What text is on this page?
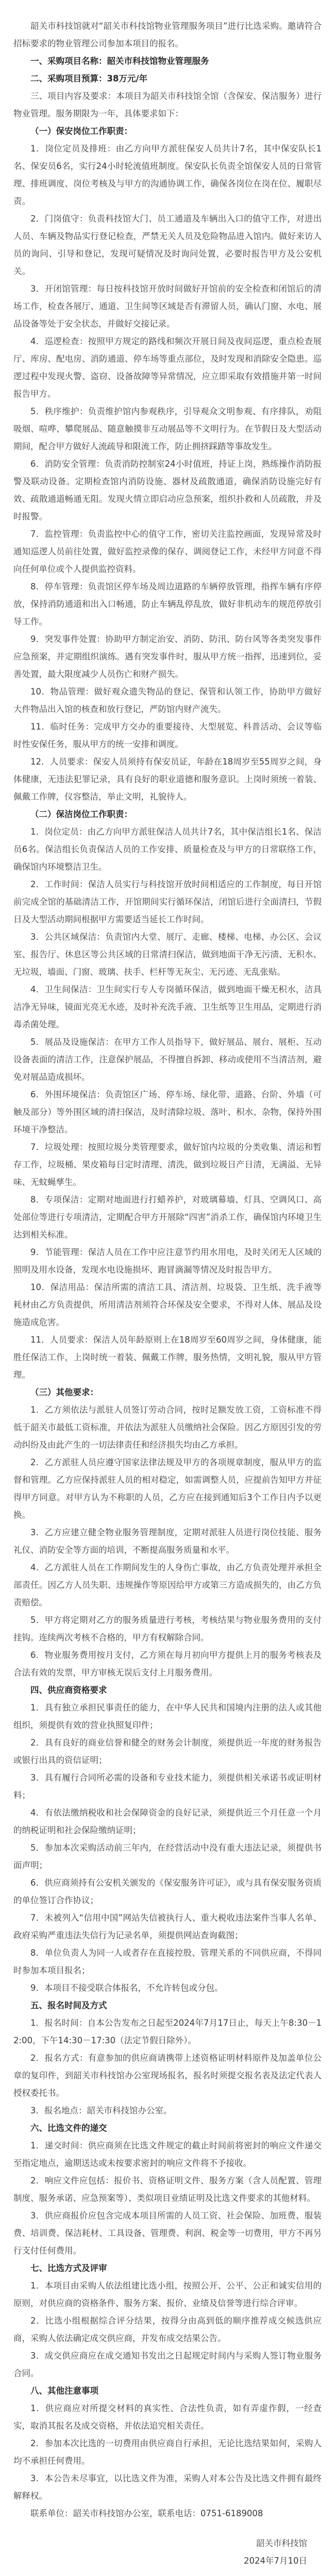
韶关市科技馆就对“韶关市科技馆物业管理服务项目”进行比选采购。邀请符合招标要求的物业管理公司参加本项目的报名。

一、采购项目名称：韶关市科技馆物业管理服务

二、采购项目预算：38万元/年

三、项目内容及要求：本项目为韶关市科技馆全馆（含保安、保洁服务）进行物业管理。服务期限为一年，具体要求如下：

（一）保安岗位工作职责：

1．岗位定员及排班：由乙方向甲方派驻保安人员共计7名，其中保安队长1名、保安员6名，实行24小时轮流值班制度。保安队长负责全馆保安人员的日常管理、排班调度、岗位考核及与甲方的沟通协调工作，确保各岗位在岗在位、履职尽责。

2．门岗值守：负责科技馆大门、员工通道及车辆出入口的值守工作，对进出人员、车辆及物品实行登记检查，严禁无关人员及危险物品进入馆内。做好来访人员的询问、引导和登记，发现可疑情况及时询问处置，必要时报告甲方及公安机关。

3．开闭馆管理：每日按科技馆开放时间做好开馆前的安全检查和闭馆后的清场工作，检查各展厅、通道、卫生间等区域是否有滞留人员，确认门窗、水电、展品设备等处于安全状态，并做好交接记录。

4．巡逻检查：按照甲方规定的路线和频次开展日间及夜间巡逻，重点检查展厅、库房、配电房、消防通道、停车场等重点部位，及时发现和消除安全隐患。巡逻过程中发现火警、盗窃、设备故障等异常情况，应立即采取有效措施并第一时间报告甲方。

5．秩序维护：负责维护馆内参观秩序，引导观众文明参观、有序排队，劝阻吸烟、喧哗、攀爬展品、随意触摸非互动展品等不文明行为。在节假日及大型活动期间，配合甲方做好人流疏导和限流工作，防止拥挤踩踏等事故发生。

6．消防安全管理：负责消防控制室24小时值班，持证上岗，熟练操作消防报警及联动设备。定期检查馆内消防设施、器材及疏散通道，确保消防设施完好有效、疏散通道畅通无阻。发现火情立即启动应急预案，组织扑救和人员疏散，并及时报警。

7．监控管理：负责监控中心的值守工作，密切关注监控画面，发现异常及时通知巡逻人员前往处置，做好监控录像的保存、调阅登记工作，未经甲方同意不得向任何单位或个人提供监控资料。

8．停车管理：负责馆区停车场及周边道路的车辆停放管理，指挥车辆有序停放，保持消防通道和出入口畅通，防止车辆乱停乱放，做好非机动车的规范停放引导工作。

9．突发事件处置：协助甲方制定治安、消防、防汛、防台风等各类突发事件应急预案，并定期组织演练。遇有突发事件时，服从甲方统一指挥，迅速到位，妥善处置，最大限度减少人员伤亡和财产损失。

10．物品管理：做好观众遗失物品的登记、保管和认领工作，协助甲方做好大件物品出入馆的核查和放行登记，严防馆内财产流失。

11．临时任务：完成甲方交办的重要接待、大型展览、科普活动、会议等临时性安保任务，服从甲方的统一安排和调度。

12．人员要求：保安人员须持有保安员证，年龄在18周岁至55周岁之间，身体健康，无违法犯罪记录，具有良好的职业道德和服务意识。上岗时须统一着装、佩戴工作牌，仪容整洁，举止文明，礼貌待人。

（二）保洁岗位工作职责：

1．岗位定员：由乙方向甲方派驻保洁人员共计7名，其中保洁组长1名、保洁员6名。保洁组长负责保洁人员的工作安排、质量检查及与甲方的日常联络工作，确保馆内环境整洁卫生。

2．工作时间：保洁人员实行与科技馆开放时间相适应的工作制度，每日开馆前完成全馆的基础清洁工作，开馆期间实行循环保洁，闭馆后进行全面清扫，节假日及大型活动期间根据甲方需要适当延长工作时间。

3．公共区域保洁：负责馆内大堂、展厅、走廊、楼梯、电梯、办公区、会议室、报告厅、休息区等公共区域的日常清扫保洁，做到地面干净无污渍、无积水、无垃圾，墙面、门窗、玻璃、扶手、栏杆等无灰尘、无污迹、无乱张贴。

4．卫生间保洁：卫生间实行专人专岗循环保洁，做到地面干燥无积水，洁具洁净无异味，镜面光亮无水迹，及时补充洗手液、卫生纸等卫生用品，定期进行消毒杀菌处理。

5．展品及设施保洁：在甲方工作人员指导下，做好展品、展台、展柜、互动设备表面的清洁工作，注意保护展品，不得擅自拆卸、移动或使用不当清洁剂，避免对展品造成损坏。

6．外围环境保洁：负责馆区广场、停车场、绿化带、道路、台阶、外墙（可触及部分）等外围区域的清扫保洁，及时清除垃圾、落叶、积水、杂物，保持外围环境干净整洁。

7．垃圾处理：按照垃圾分类管理要求，做好馆内垃圾的分类收集、清运和暂存工作，垃圾桶、果皮箱每日定时清理、清洗，做到垃圾日产日清，无满溢、无异味、无蚊蝇孳生。

8．专项保洁：定期对地面进行打蜡养护，对玻璃幕墙、灯具、空调风口、高处部位等进行专项清洁，定期配合甲方开展除“四害”消杀工作，确保馆内环境卫生达到相关标准。

9．节能管理：保洁人员在工作中应注意节约用水用电，及时关闭无人区域的照明及用水设备，发现水电设施损坏、跑冒滴漏等情况及时报告甲方。

10．保洁用品：保洁所需的清洁工具、清洁剂、垃圾袋、卫生纸、洗手液等耗材由乙方负责提供，所用清洁剂须符合环保及安全要求，不得对人体、展品及设施造成危害。

11．人员要求：保洁人员年龄原则上在18周岁至60周岁之间，身体健康，能胜任保洁工作，上岗时统一着装、佩戴工作牌，服务热情，文明礼貌，服从甲方管理。

（三）其他要求：

1．乙方须依法与派驻人员签订劳动合同，按时足额发放工资，工资标准不得低于韶关市最低工资标准，并依法为派驻人员缴纳社会保险。因乙方原因引发的劳动纠纷及由此产生的一切法律责任和经济损失均由乙方承担。

2．乙方派驻人员应遵守国家法律法规及甲方的各项规章制度，服从甲方的监督和管理。乙方应保持派驻人员的相对稳定，如需调整人员，应提前告知甲方并征得甲方同意。对甲方认为不称职的人员，乙方应在接到通知后3个工作日内予以更换。

3．乙方应建立健全物业服务管理制度，定期对派驻人员进行岗位技能、服务礼仪、消防安全等方面的培训，不断提高服务质量和水平。

4．乙方派驻人员在工作期间发生的人身伤亡事故，由乙方负责处理并承担全部责任。因乙方人员失职、违规操作等原因给甲方或第三方造成损失的，由乙方负责赔偿。

5．甲方将定期对乙方的服务质量进行考核，考核结果与物业服务费用的支付挂钩。连续两次考核不合格的，甲方有权解除合同。

6．物业服务费用按月支付，乙方须在每月初向甲方提供上月的服务考核表及合法有效的发票，甲方审核无误后支付上月服务费用。

四、供应商资格要求

1．具有独立承担民事责任的能力，在中华人民共和国境内注册的法人或其他组织，须提供有效的营业执照复印件；

2．具有良好的商业信誉和健全的财务会计制度，须提供近一年度的财务报告或银行出具的资信证明；

3．具有履行合同所必需的设备和专业技术能力，须提供相关承诺书或证明材料；

4．有依法缴纳税收和社会保障资金的良好记录，须提供近三个月任意一个月的纳税证明和社会保险缴纳证明；

5．参加本次采购活动前三年内，在经营活动中没有重大违法记录，须提供书面声明；

6．供应商须持有公安机关颁发的《保安服务许可证》，或与具有保安服务资质的单位签订合作协议；

7．未被列入“信用中国”网站失信被执行人、重大税收违法案件当事人名单、政府采购严重违法失信行为记录名单，须提供网站查询截图；

8．单位负责人为同一人或者存在直接控股、管理关系的不同供应商，不得同时参加本项目报名；

9．本项目不接受联合体报名，不允许转包或分包。

五、报名时间及方式

1．报名时间：自本公告发布之日起至2024年7月17日止，每天上午8:30－12:00，下午14:30－17:30（法定节假日除外）。

2．报名方式：有意参加的供应商请携带上述资格证明材料原件及加盖单位公章的复印件，到韶关市科技馆办公室现场报名，报名时须提交报名表及法定代表人授权委托书。

3．报名地点：韶关市科技馆办公室。

六、比选文件的递交

1．递交时间：供应商须在比选文件规定的截止时间前将密封的响应文件递交至指定地点，逾期送达或未按要求密封的响应文件将不予接收。

2．响应文件应包括：报价书、资格证明文件、服务方案（含人员配置、管理制度、服务承诺、应急预案等）、类似项目业绩证明及比选文件要求的其他材料。

3．供应商报价应包含完成本项目所需的人员工资、社会保险、加班费、服装费、培训费、保洁耗材、工具设备、管理费、利润、税金等一切费用，甲方不再另行支付任何费用。

七、比选方式及评审

1．本项目由采购人依法组建比选小组，按照公开、公平、公正和诚实信用的原则，对供应商的资格条件、服务方案、报价、业绩及信誉等进行综合评审。

2．比选小组根据综合评分结果，按得分由高到低的顺序推荐成交候选供应商，采购人依法确定成交供应商，并发布成交结果公告。

3．成交供应商应在成交通知书发出之日起规定时间内与采购人签订物业服务合同。

八、其他注意事项

1．供应商应对所提交材料的真实性、合法性负责，如有弄虚作假，一经查实，取消其报名及成交资格，并依法追究相关责任。

2．参加本次比选的一切费用由供应商自行承担，无论比选结果如何，采购人均不承担任何费用。

3．本公告未尽事宜，以比选文件为准，采购人对本公告及比选文件拥有最终解释权。

联系单位：韶关市科技馆办公室，联系电话：0751-6189008

韶关市科技馆

2024年7月10日
